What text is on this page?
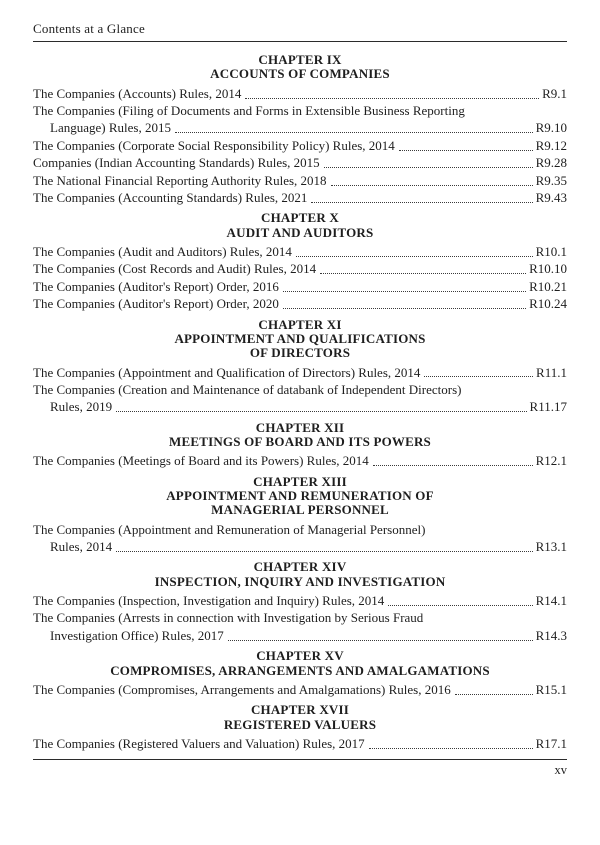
Contents at a Glance
CHAPTER IX
ACCOUNTS OF COMPANIES
The Companies (Accounts) Rules, 2014	R9.1
The Companies (Filing of Documents and Forms in Extensible Business Reporting
Language) Rules, 2015	R9.10
The Companies (Corporate Social Responsibility Policy) Rules, 2014	R9.12
Companies (Indian Accounting Standards) Rules, 2015	R9.28
The National Financial Reporting Authority Rules, 2018	R9.35
The Companies (Accounting Standards) Rules, 2021	R9.43
CHAPTER X
AUDIT AND AUDITORS
The Companies (Audit and Auditors) Rules, 2014	R10.1
The Companies (Cost Records and Audit) Rules, 2014	R10.10
The Companies (Auditor's Report) Order, 2016	R10.21
The Companies (Auditor's Report) Order, 2020	R10.24
CHAPTER XI
APPOINTMENT AND QUALIFICATIONS
OF DIRECTORS
The Companies (Appointment and Qualification of Directors) Rules, 2014	R11.1
The Companies (Creation and Maintenance of databank of Independent Directors)
Rules, 2019	R11.17
CHAPTER XII
MEETINGS OF BOARD AND ITS POWERS
The Companies (Meetings of Board and its Powers) Rules, 2014	R12.1
CHAPTER XIII
APPOINTMENT AND REMUNERATION OF
MANAGERIAL PERSONNEL
The Companies (Appointment and Remuneration of Managerial Personnel)
Rules, 2014	R13.1
CHAPTER XIV
INSPECTION, INQUIRY AND INVESTIGATION
The Companies (Inspection, Investigation and Inquiry) Rules, 2014	R14.1
The Companies (Arrests in connection with Investigation by Serious Fraud
Investigation Office) Rules, 2017	R14.3
CHAPTER XV
COMPROMISES, ARRANGEMENTS AND AMALGAMATIONS
The Companies (Compromises, Arrangements and Amalgamations) Rules, 2016	R15.1
CHAPTER XVII
REGISTERED VALUERS
The Companies (Registered Valuers and Valuation) Rules, 2017	R17.1
xv
